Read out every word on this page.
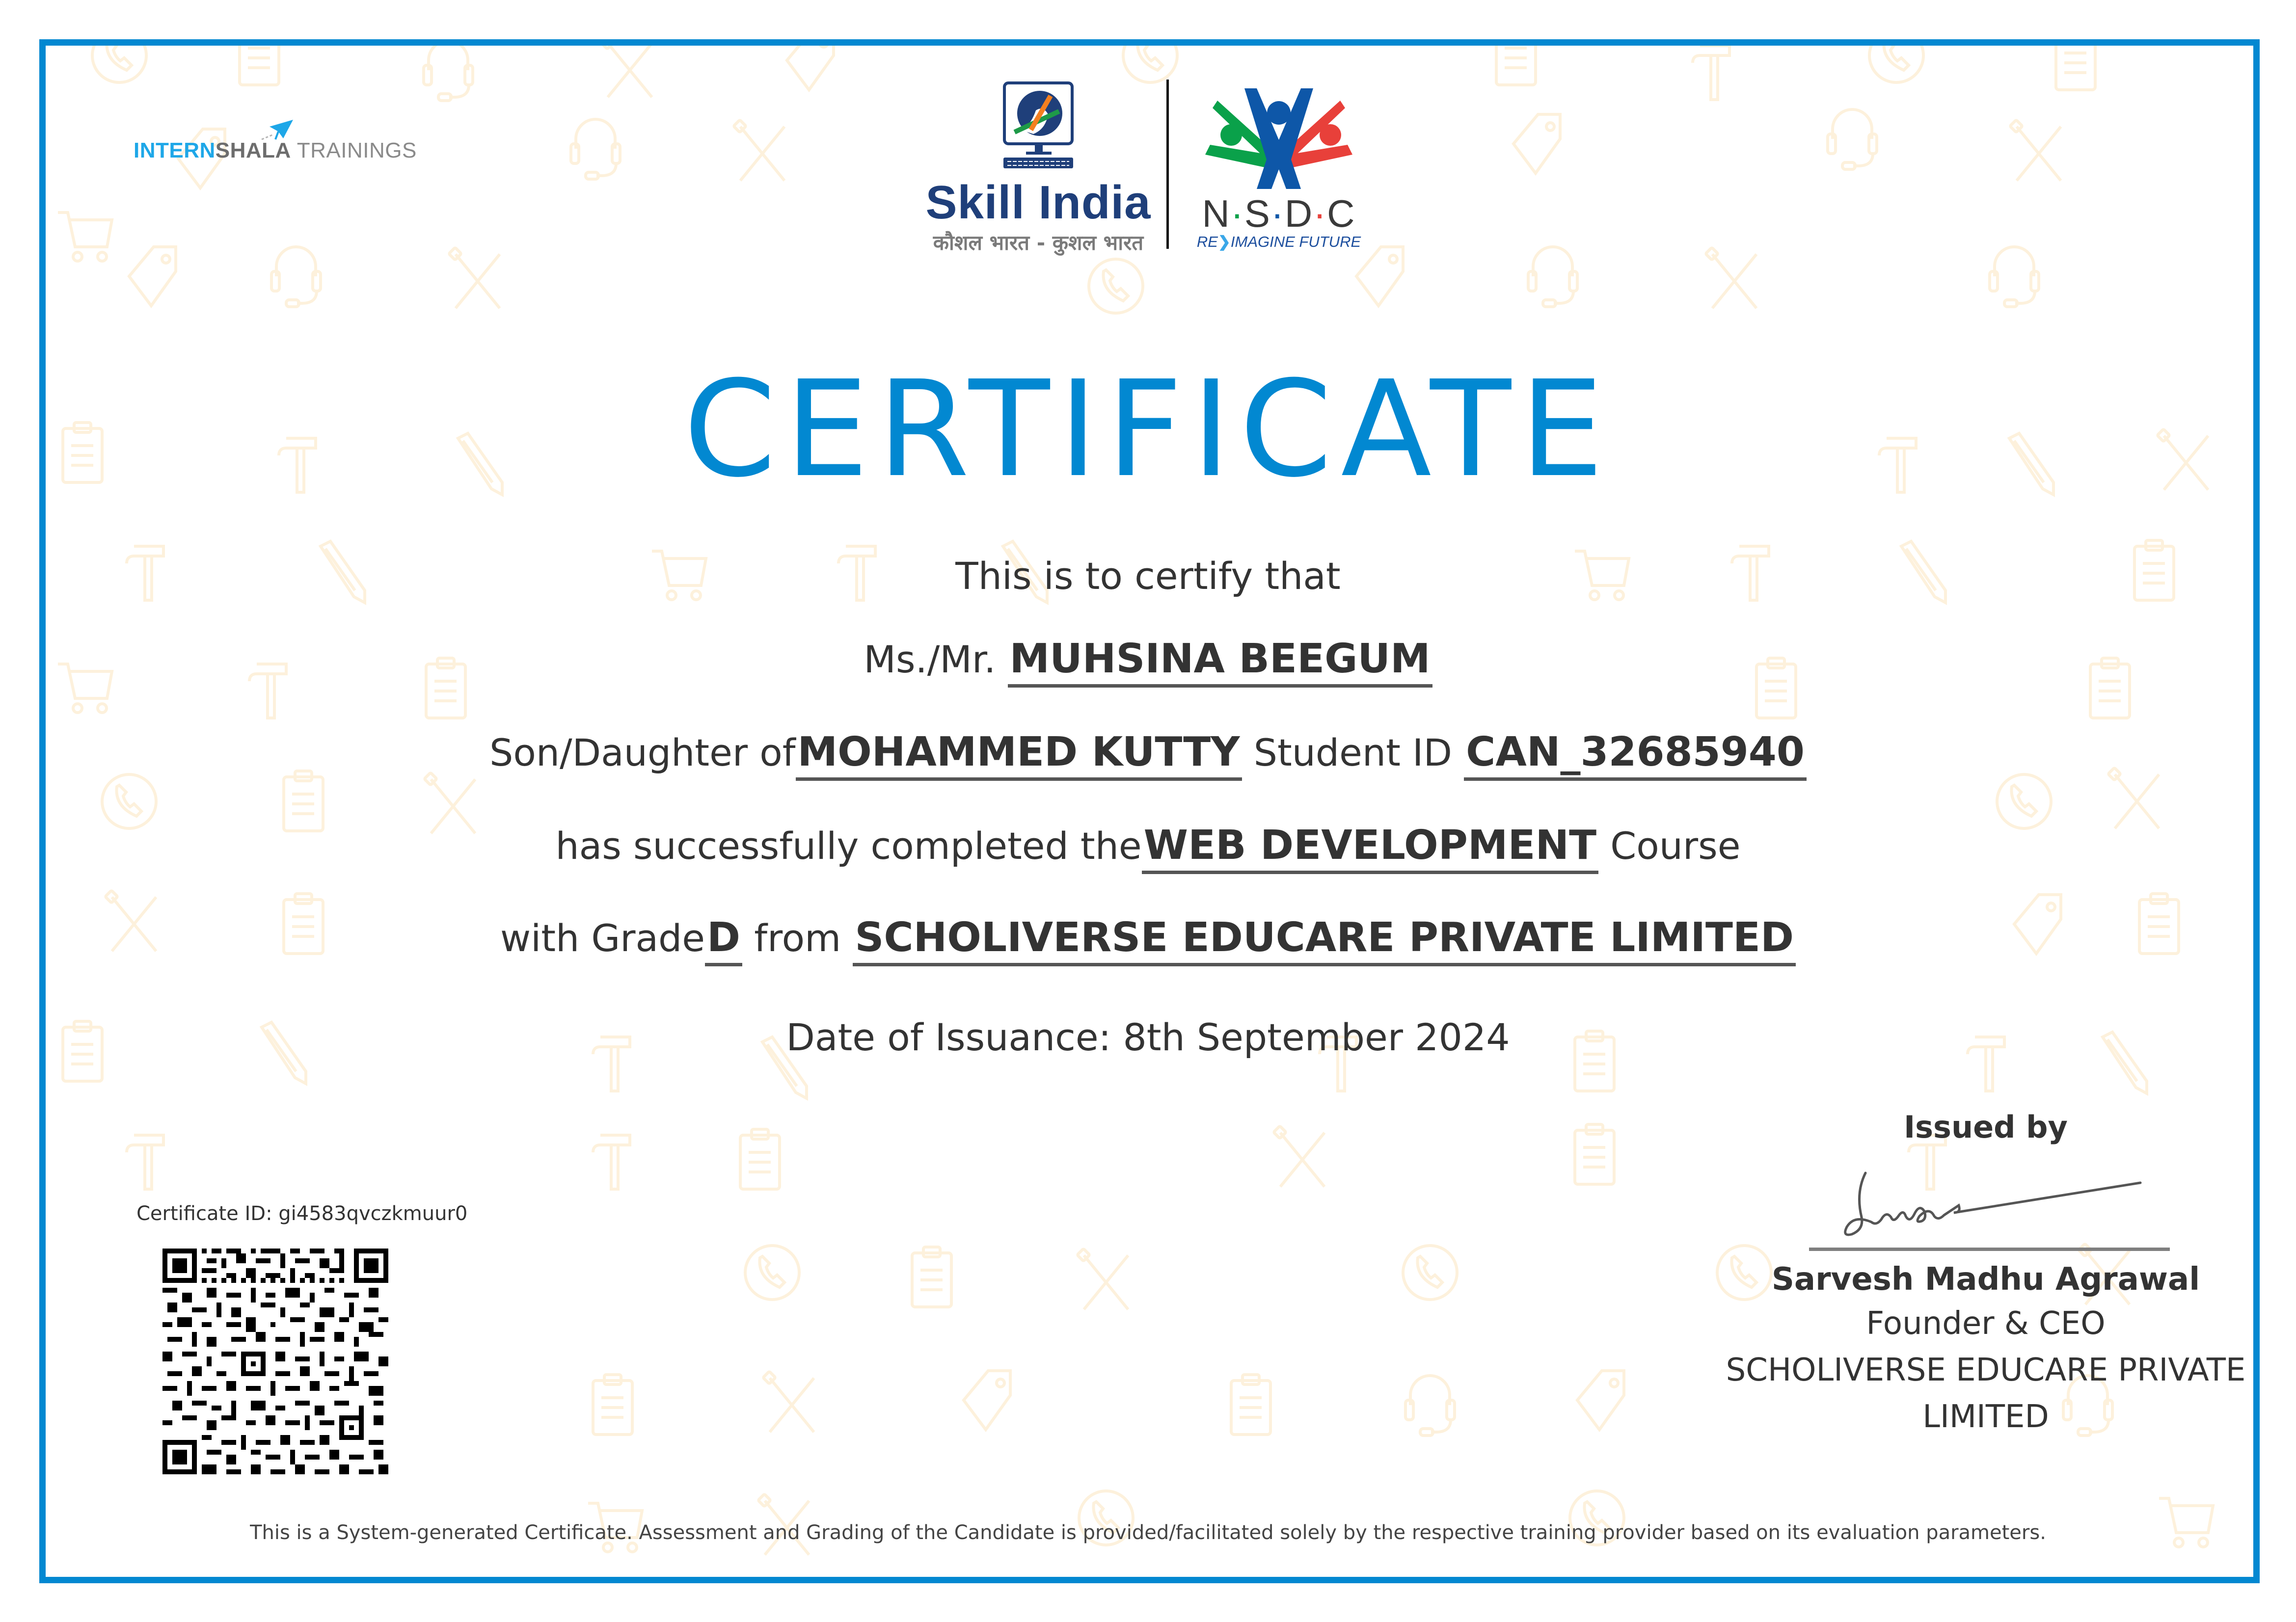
INTERNSHALA TRAININGS
Skill India
कौशल भारत - कुशल भारत
N·S·D·C
RE❯IMAGINE FUTURE
CERTIFICATE
This is to certify that
Ms./Mr. MUHSINA BEEGUM
Son/Daughter ofMOHAMMED KUTTY Student ID CAN_32685940
has successfully completed theWEB DEVELOPMENT Course
with GradeD from SCHOLIVERSE EDUCARE PRIVATE LIMITED
Date of Issuance: 8th September 2024
Certificate ID: gi4583qvczkmuur0
Issued by
Sarvesh Madhu Agrawal
Founder & CEO
SCHOLIVERSE EDUCARE PRIVATE
LIMITED
This is a System-generated Certificate. Assessment and Grading of the Candidate is provided/facilitated solely by the respective training provider based on its evaluation parameters.
